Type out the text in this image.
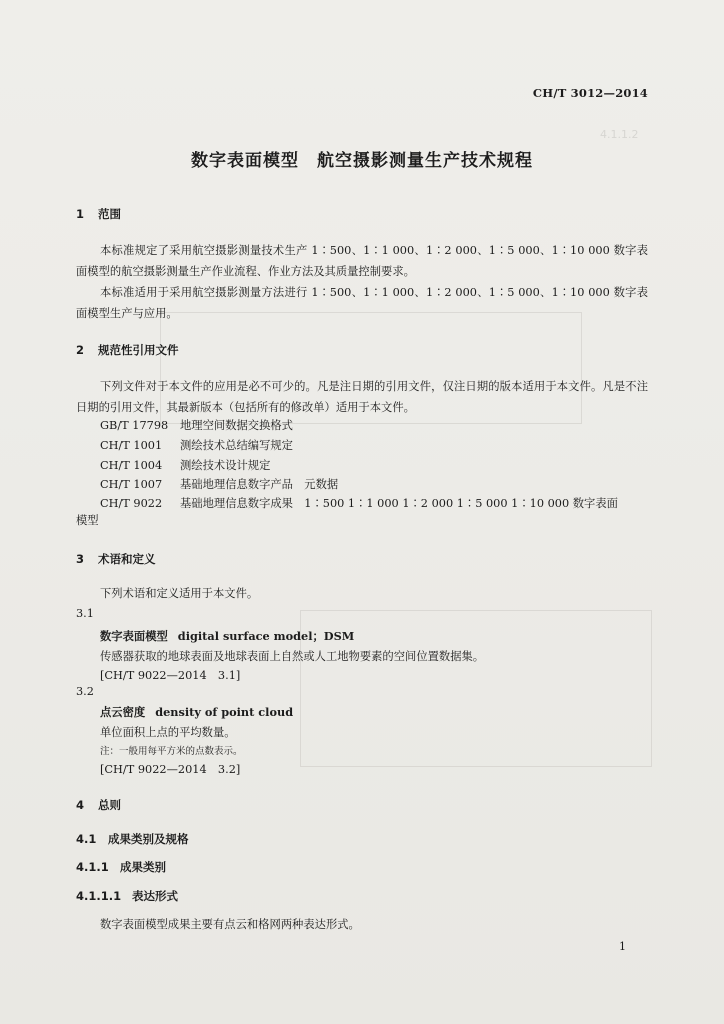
4.1.1.2
CH/T 3012—2014
数字表面模型　航空摄影测量生产技术规程
1 范围
本标准规定了采用航空摄影测量技术生产 1∶500、1∶1 000、1∶2 000、1∶5 000、1∶10 000 数字表面模型的航空摄影测量生产作业流程、作业方法及其质量控制要求。
本标准适用于采用航空摄影测量方法进行 1∶500、1∶1 000、1∶2 000、1∶5 000、1∶10 000 数字表面模型生产与应用。
2 规范性引用文件
下列文件对于本文件的应用是必不可少的。凡是注日期的引用文件，仅注日期的版本适用于本文件。凡是不注日期的引用文件，其最新版本（包括所有的修改单）适用于本文件。
GB/T 17798 地理空间数据交换格式
CH/T 1001 测绘技术总结编写规定
CH/T 1004 测绘技术设计规定
CH/T 1007 基础地理信息数字产品　元数据
CH/T 9022 基础地理信息数字成果　1∶500 1∶1 000 1∶2 000 1∶5 000 1∶10 000 数字表面
模型
3 术语和定义
下列术语和定义适用于本文件。
3.1
数字表面模型 digital surface model；DSM
传感器获取的地球表面及地球表面上自然或人工地物要素的空间位置数据集。
[CH/T 9022—2014　3.1]
3.2
点云密度 density of point cloud
单位面积上点的平均数量。
注：一般用每平方米的点数表示。
[CH/T 9022—2014　3.2]
4 总则
4.1 成果类别及规格
4.1.1 成果类别
4.1.1.1 表达形式
数字表面模型成果主要有点云和格网两种表达形式。
1
